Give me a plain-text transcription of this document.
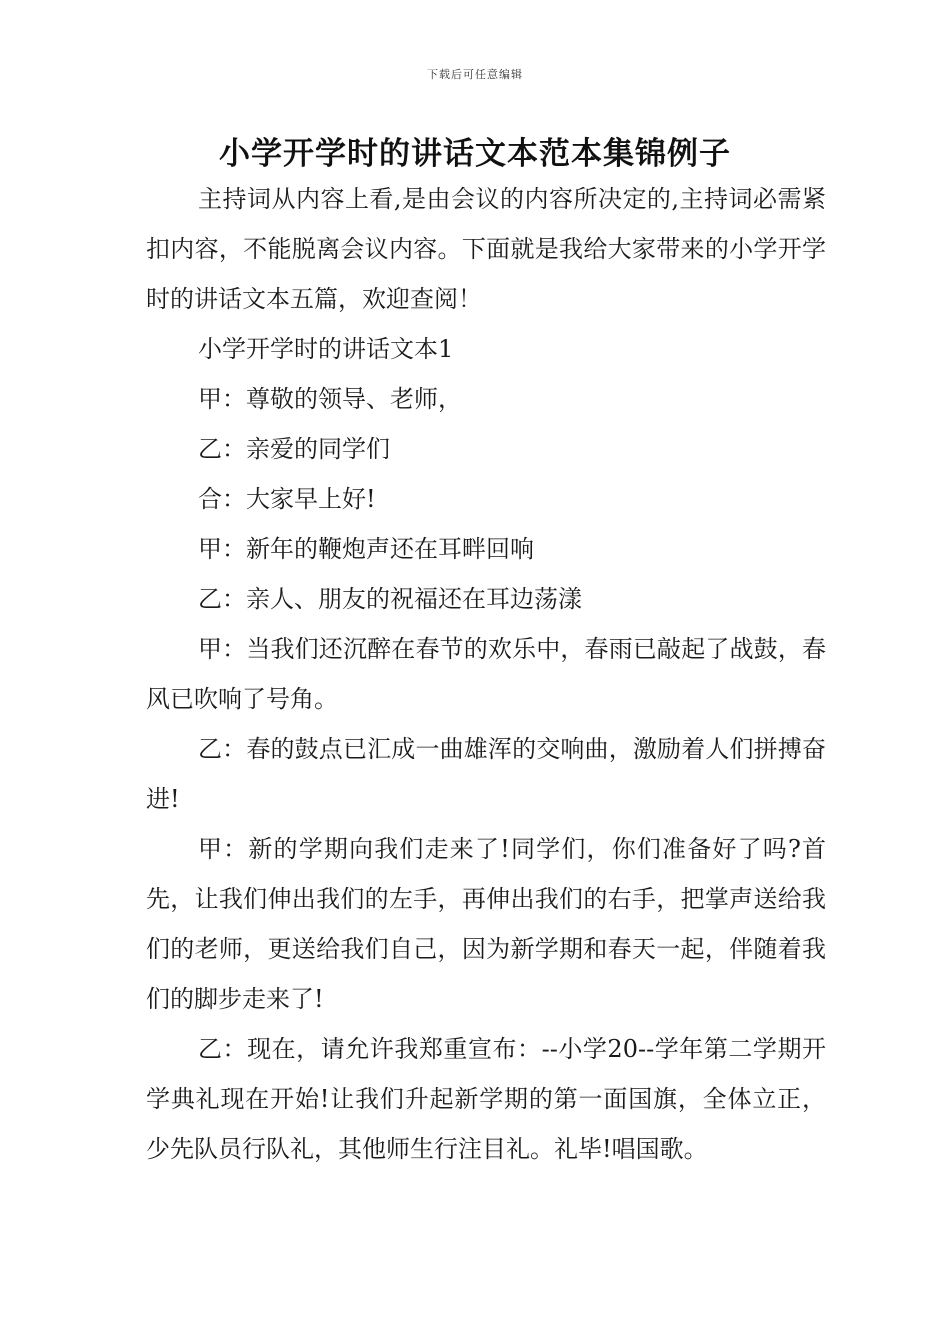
下载后可任意编辑
小学开学时的讲话文本范本集锦例子

主持词从内容上看,是由会议的内容所决定的,主持词必需紧扣内容，不能脱离会议内容。下面就是我给大家带来的小学开学时的讲话文本五篇，欢迎查阅！

小学开学时的讲话文本1

甲：尊敬的领导、老师，

乙：亲爱的同学们

合：大家早上好!

甲：新年的鞭炮声还在耳畔回响

乙：亲人、朋友的祝福还在耳边荡漾

甲：当我们还沉醉在春节的欢乐中，春雨已敲起了战鼓，春风已吹响了号角。

乙：春的鼓点已汇成一曲雄浑的交响曲，激励着人们拼搏奋进!

甲：新的学期向我们走来了!同学们，你们准备好了吗?首先，让我们伸出我们的左手，再伸出我们的右手，把掌声送给我们的老师，更送给我们自己，因为新学期和春天一起，伴随着我们的脚步走来了!

乙：现在，请允许我郑重宣布：--小学20--学年第二学期开学典礼现在开始!让我们升起新学期的第一面国旗，全体立正，少先队员行队礼，其他师生行注目礼。礼毕!唱国歌。
